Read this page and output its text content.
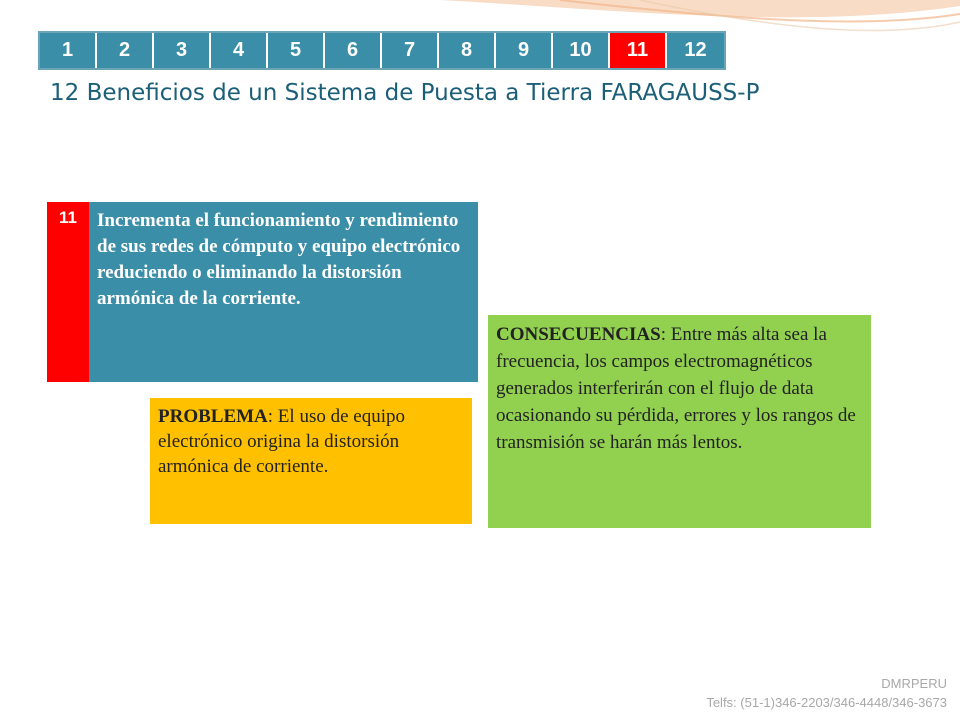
1	2	3	4	5	6	7	8	9	10	11	12
12 Beneficios de un Sistema de Puesta a Tierra FARAGAUSS-P
11	Incrementa el funcionamiento y rendimiento de sus redes de cómputo y equipo electrónico reduciendo o eliminando la distorsión armónica de la corriente.
PROBLEMA: El uso de equipo electrónico origina la distorsión armónica de corriente.
CONSECUENCIAS: Entre más alta sea la frecuencia, los campos electromagnéticos generados interferirán con el flujo de data ocasionando su pérdida, errores y los rangos de transmisión se harán más lentos.
DMRPERU
Telfs: (51-1)346-2203/346-4448/346-3673
